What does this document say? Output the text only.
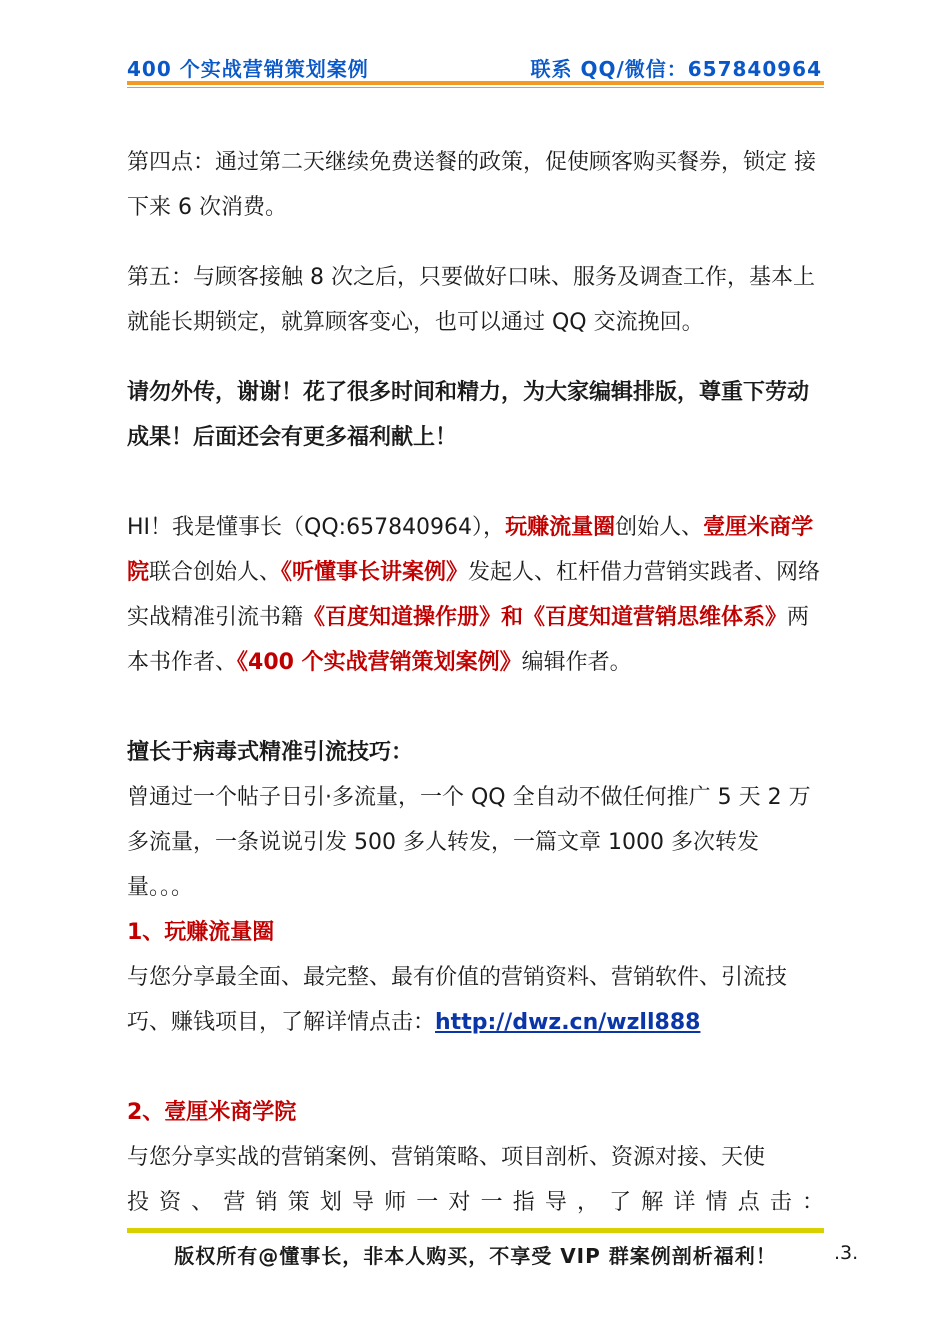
400 个实战营销策划案例	联系 QQ/微信：657840964

第四点：通过第二天继续免费送餐的政策，促使顾客购买餐券，锁定 接下来 6 次消费。

第五：与顾客接触 8 次之后，只要做好口味、服务及调查工作，基本上就能长期锁定，就算顾客变心，也可以通过 QQ 交流挽回。

请勿外传，谢谢！花了很多时间和精力，为大家编辑排版，尊重下劳动成果！后面还会有更多福利献上！

HI！我是懂事长（QQ:657840964），玩赚流量圈创始人、壹厘米商学院联合创始人、《听懂事长讲案例》发起人、杠杆借力营销实践者、网络实战精准引流书籍《百度知道操作册》和《百度知道营销思维体系》两本书作者、《400 个实战营销策划案例》编辑作者。

擅长于病毒式精准引流技巧：

曾通过一个帖子日引·多流量，一个 QQ 全自动不做任何推广 5 天 2 万多流量，一条说说引发 500 多人转发，一篇文章 1000 多次转发量。。。

1、玩赚流量圈

与您分享最全面、最完整、最有价值的营销资料、营销软件、引流技巧、赚钱项目，了解详情点击：http://dwz.cn/wzll888

2、壹厘米商学院

与您分享实战的营销案例、营销策略、项目剖析、资源对接、天使

投资、营销策划导师一对一指导，了解详情点击：

版权所有@懂事长，非本人购买，不享受 VIP 群案例剖析福利！	.3.
